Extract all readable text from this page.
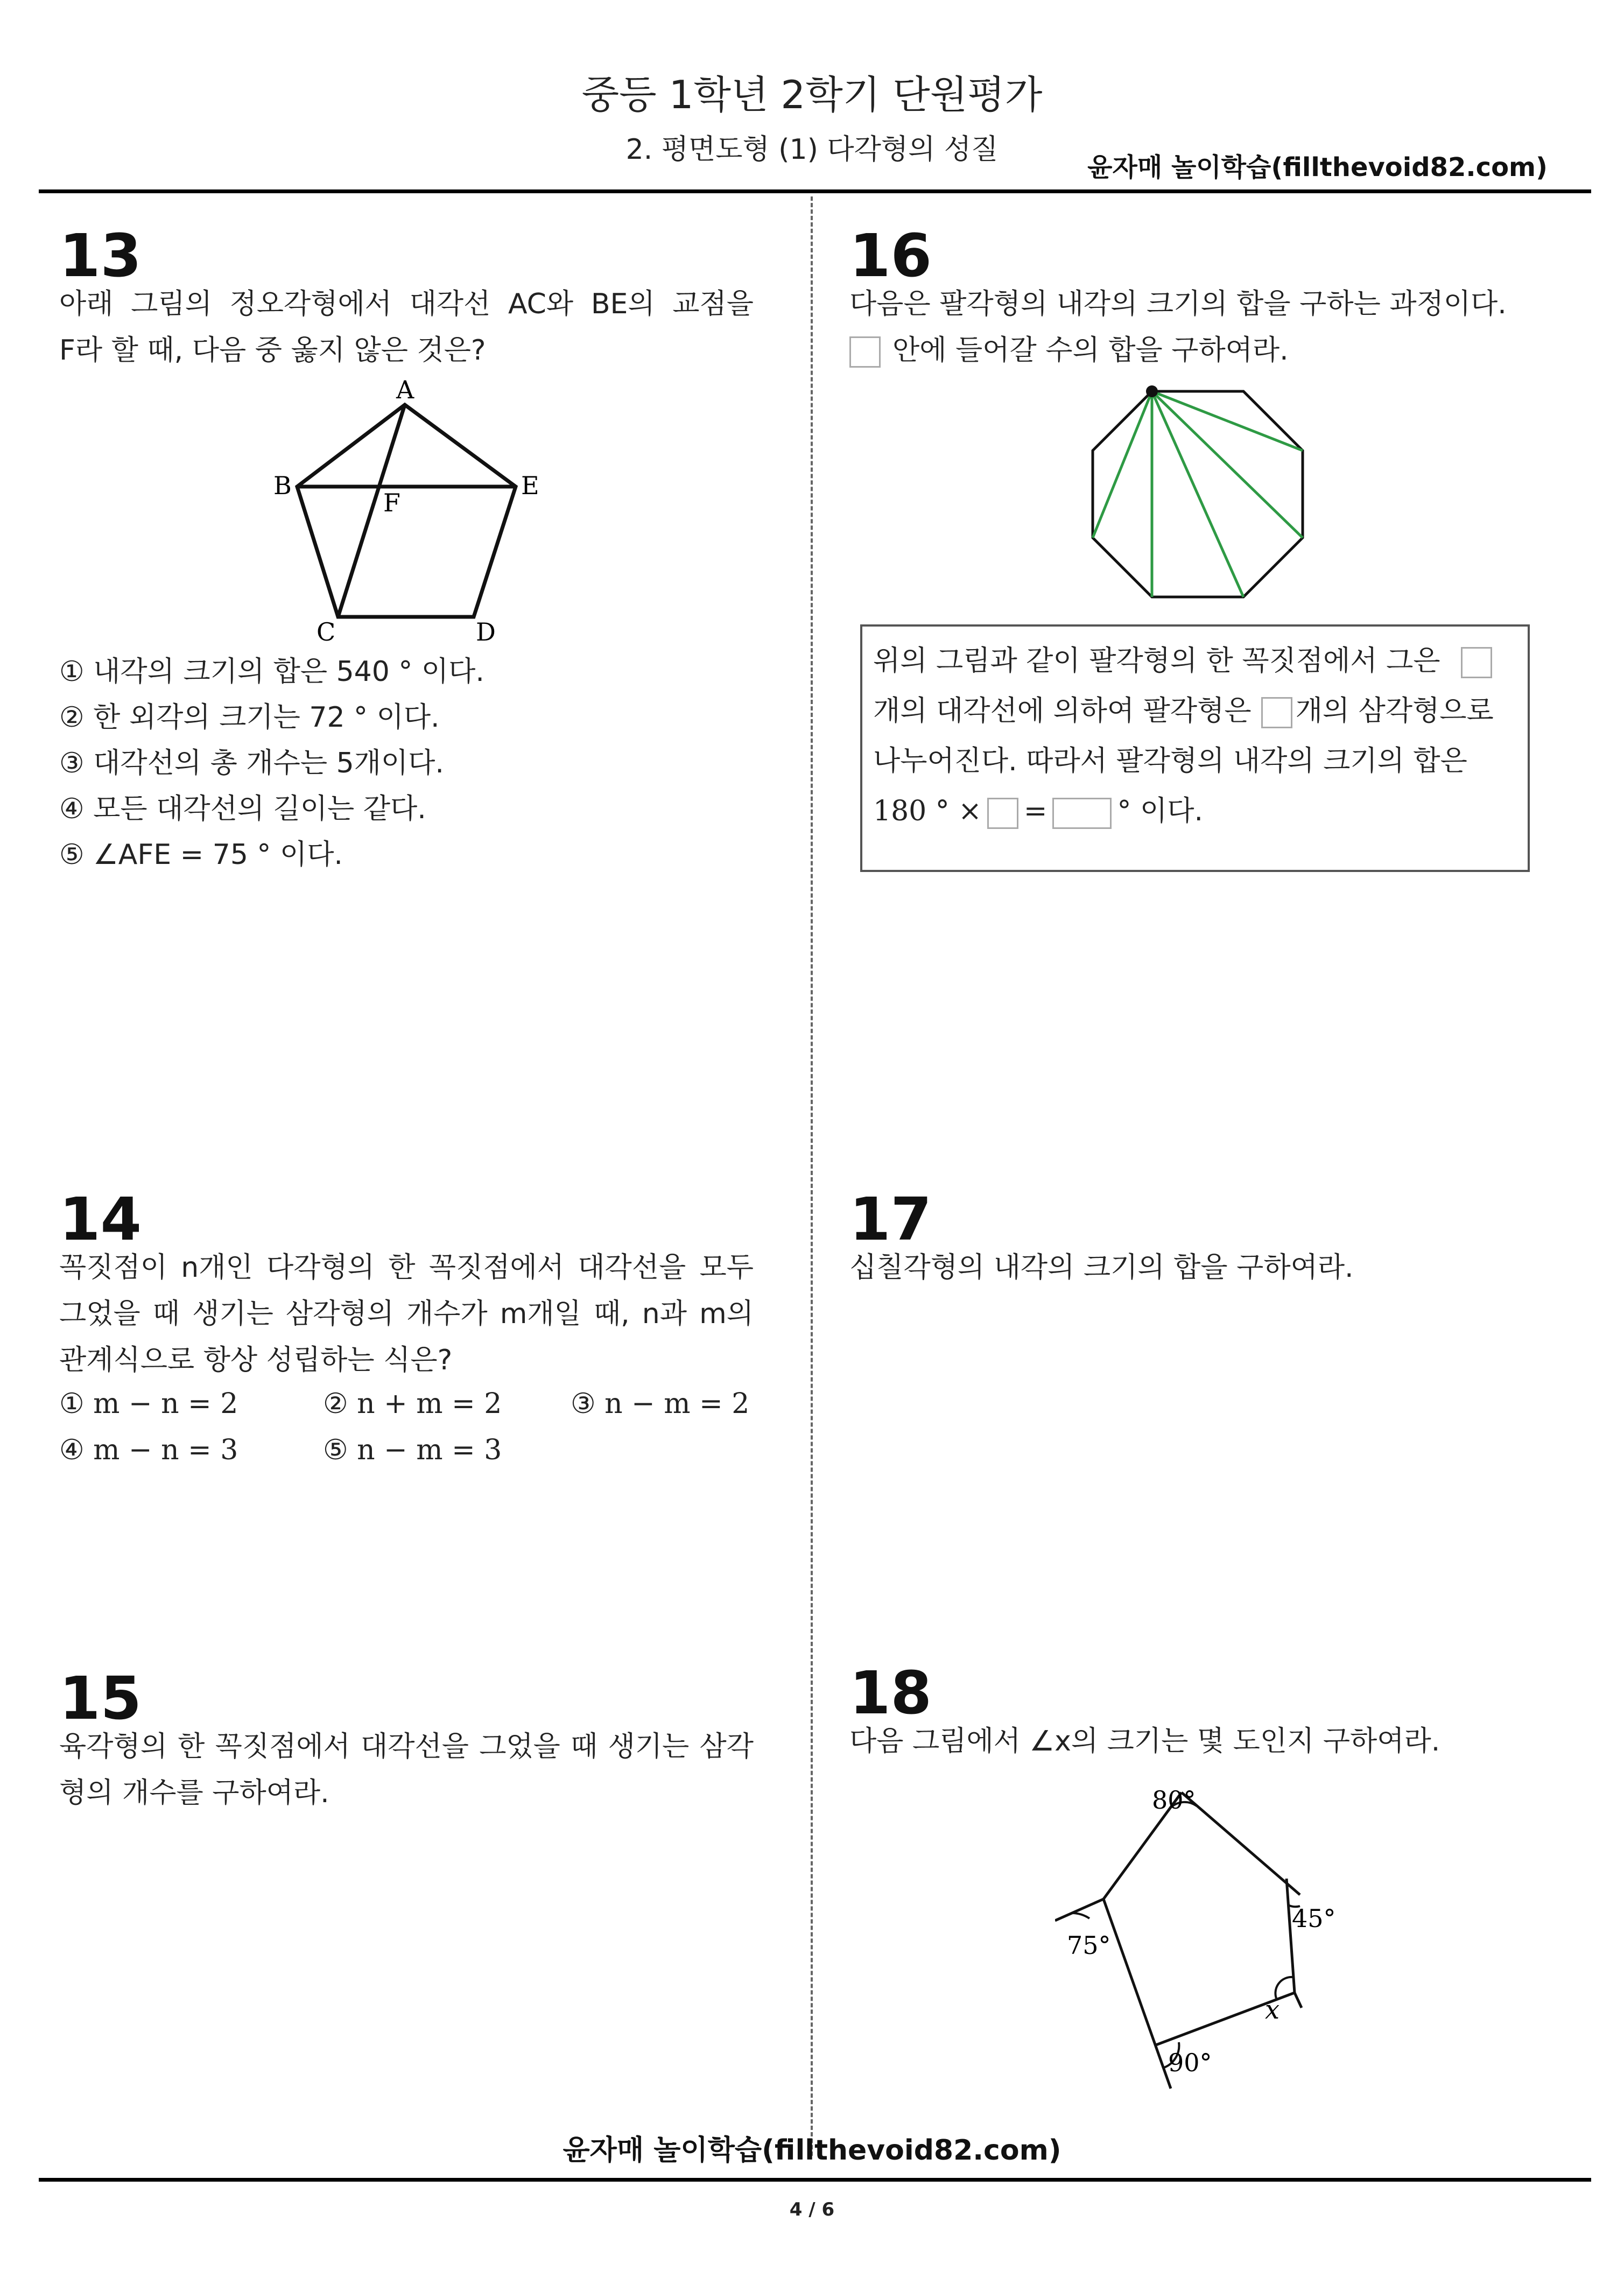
중등 1학년 2학기 단원평가
2. 평면도형 (1) 다각형의 성질
윤자매 놀이학습(fillthevoid82.com)
13
아래 그림의 정오각형에서 대각선 AC와 BE의 교점을
F라 할 때, 다음 중 옳지 않은 것은?
A
B	E
F
C	D
① 내각의 크기의 합은 540 ° 이다.
② 한 외각의 크기는 72 ° 이다.
③ 대각선의 총 개수는 5개이다.
④ 모든 대각선의 길이는 같다.
⑤ ∠AFE = 75 ° 이다.
14
꼭짓점이 n개인 다각형의 한 꼭짓점에서 대각선을 모두
그었을 때 생기는 삼각형의 개수가 m개일 때, n과 m의
관계식으로 항상 성립하는 식은?
① m − n = 2	② n + m = 2 ③ n − m = 2
④ m − n = 3	⑤ n − m = 3
15
육각형의 한 꼭짓점에서 대각선을 그었을 때 생기는 삼각
형의 개수를 구하여라.
16
다음은 팔각형의 내각의 크기의 합을 구하는 과정이다.
안에 들어갈 수의 합을 구하여라.
위의 그림과 같이 팔각형의 한 꼭짓점에서 그은
개의 대각선에 의하여 팔각형은 개의 삼각형으로
나누어진다. 따라서 팔각형의 내각의 크기의 합은
180 ° × =	° 이다.
17
십칠각형의 내각의 크기의 합을 구하여라.
18
다음 그림에서 ∠x의 크기는 몇 도인지 구하여라.
80°
45°
75°
90°
x
윤자매 놀이학습(fillthevoid82.com)
4 / 6
